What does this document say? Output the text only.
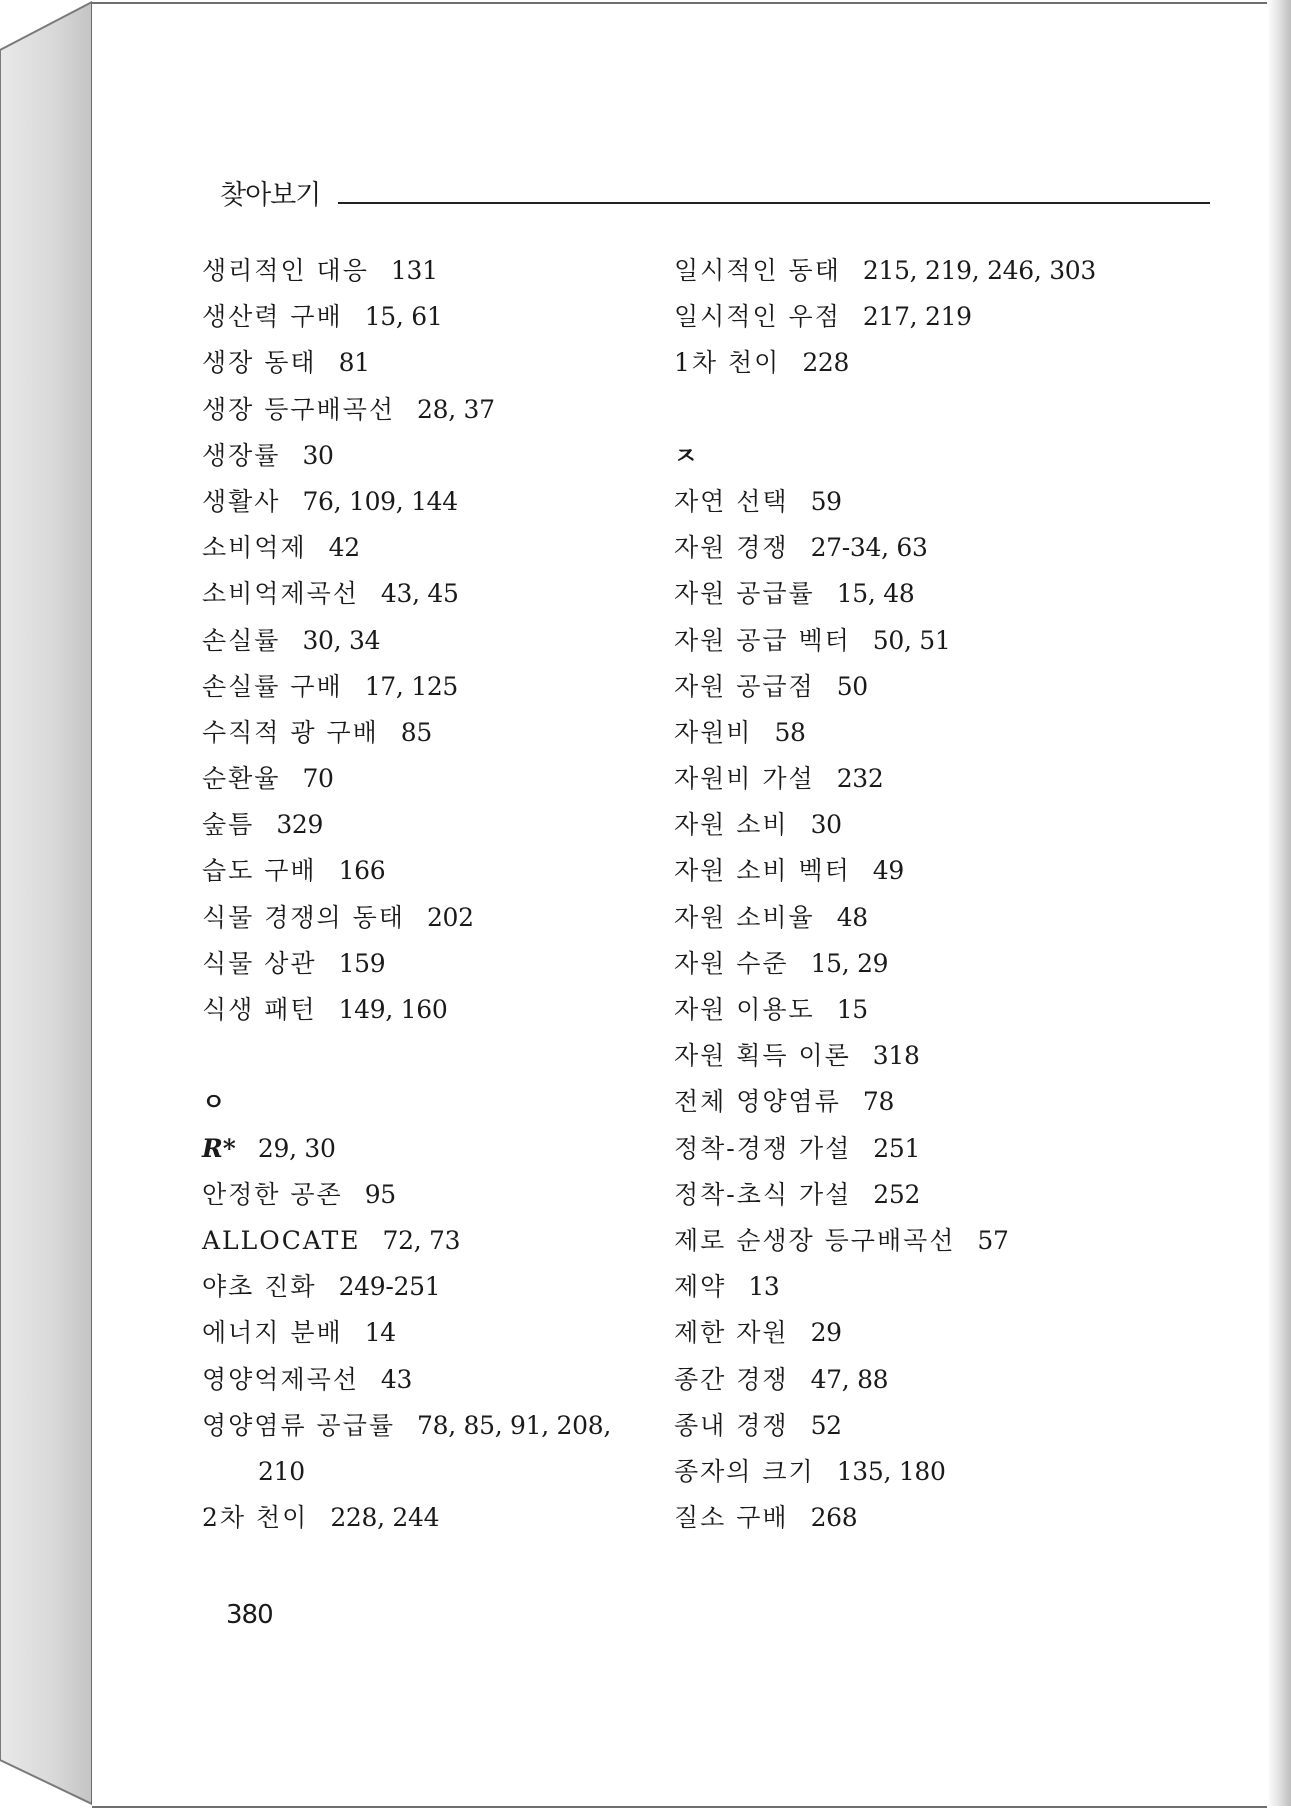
찾아보기
생리적인 대응 131
생산력 구배 15, 61
생장 동태 81
생장 등구배곡선 28, 37
생장률 30
생활사 76, 109, 144
소비억제 42
소비억제곡선 43, 45
손실률 30, 34
손실률 구배 17, 125
수직적 광 구배 85
순환율 70
숲틈 329
습도 구배 166
식물 경쟁의 동태 202
식물 상관 159
식생 패턴 149, 160
ㅇ
R* 29, 30
안정한 공존 95
ALLOCATE 72, 73
야초 진화 249-251
에너지 분배 14
영양억제곡선 43
영양염류 공급률 78, 85, 91, 208,
210
2차 천이 228, 244
일시적인 동태 215, 219, 246, 303
일시적인 우점 217, 219
1차 천이 228
ㅈ
자연 선택 59
자원 경쟁 27-34, 63
자원 공급률 15, 48
자원 공급 벡터 50, 51
자원 공급점 50
자원비 58
자원비 가설 232
자원 소비 30
자원 소비 벡터 49
자원 소비율 48
자원 수준 15, 29
자원 이용도 15
자원 획득 이론 318
전체 영양염류 78
정착-경쟁 가설 251
정착-초식 가설 252
제로 순생장 등구배곡선 57
제약 13
제한 자원 29
종간 경쟁 47, 88
종내 경쟁 52
종자의 크기 135, 180
질소 구배 268
380
